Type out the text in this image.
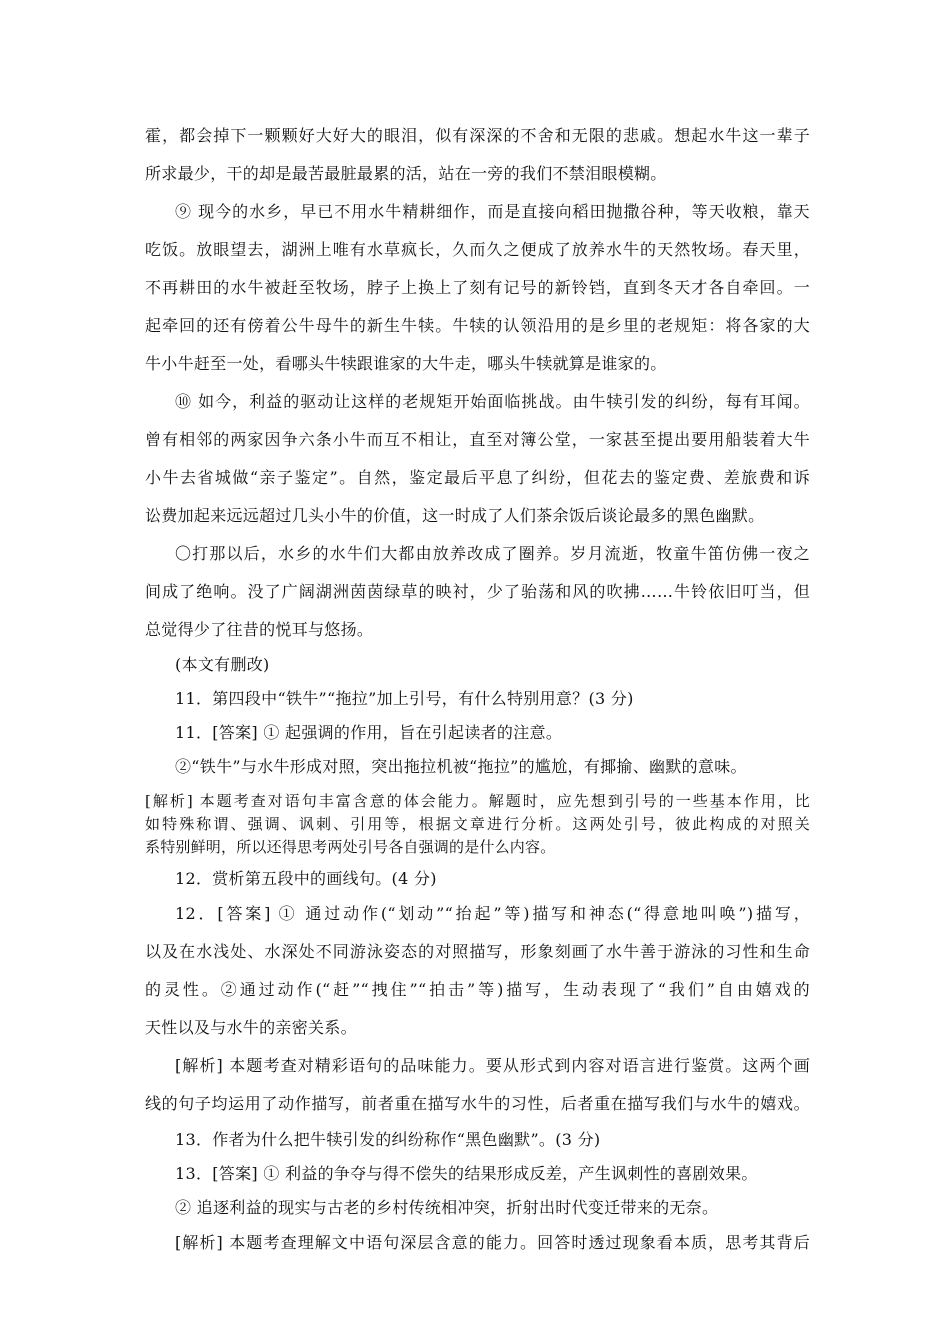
霍，都会掉下一颗颗好大好大的眼泪，似有深深的不舍和无限的悲戚。想起水牛这一辈子
所求最少，干的却是最苦最脏最累的活，站在一旁的我们不禁泪眼模糊。
⑨ 现今的水乡，早已不用水牛精耕细作，而是直接向稻田抛撒谷种，等天收粮，靠天
吃饭。放眼望去，湖洲上唯有水草疯长，久而久之便成了放养水牛的天然牧场。春天里，
不再耕田的水牛被赶至牧场，脖子上换上了刻有记号的新铃铛，直到冬天才各自牵回。一
起牵回的还有傍着公牛母牛的新生牛犊。牛犊的认领沿用的是乡里的老规矩：将各家的大
牛小牛赶至一处，看哪头牛犊跟谁家的大牛走，哪头牛犊就算是谁家的。
⑩ 如今，利益的驱动让这样的老规矩开始面临挑战。由牛犊引发的纠纷，每有耳闻。
曾有相邻的两家因争六条小牛而互不相让，直至对簿公堂，一家甚至提出要用船装着大牛
小牛去省城做“亲子鉴定”。自然，鉴定最后平息了纠纷，但花去的鉴定费、差旅费和诉
讼费加起来远远超过几头小牛的价值，这一时成了人们茶余饭后谈论最多的黑色幽默。
〇打那以后，水乡的水牛们大都由放养改成了圈养。岁月流逝，牧童牛笛仿佛一夜之
间成了绝响。没了广阔湖洲茵茵绿草的映衬，少了骀荡和风的吹拂……牛铃依旧叮当，但
总觉得少了往昔的悦耳与悠扬。
(本文有删改)
11．第四段中“铁牛”“拖拉”加上引号，有什么特别用意？(3 分)
11．[答案] ① 起强调的作用，旨在引起读者的注意。
②“铁牛”与水牛形成对照，突出拖拉机被“拖拉”的尴尬，有揶揄、幽默的意味。
[解析] 本题考查对语句丰富含意的体会能力。解题时，应先想到引号的一些基本作用，比
如特殊称谓、强调、讽刺、引用等，根据文章进行分析。这两处引号，彼此构成的对照关
系特别鲜明，所以还得思考两处引号各自强调的是什么内容。
12．赏析第五段中的画线句。(4 分)
12．[答案] ① 通过动作(“划动”“抬起”等)描写和神态(“得意地叫唤”)描写，
以及在水浅处、水深处不同游泳姿态的对照描写，形象刻画了水牛善于游泳的习性和生命
的灵性。②通过动作(“赶”“拽住”“拍击”等)描写，生动表现了“我们”自由嬉戏的
天性以及与水牛的亲密关系。
[解析] 本题考查对精彩语句的品味能力。要从形式到内容对语言进行鉴赏。这两个画
线的句子均运用了动作描写，前者重在描写水牛的习性，后者重在描写我们与水牛的嬉戏。
13．作者为什么把牛犊引发的纠纷称作“黑色幽默”。(3 分)
13．[答案] ① 利益的争夺与得不偿失的结果形成反差，产生讽刺性的喜剧效果。
② 追逐利益的现实与古老的乡村传统相冲突，折射出时代变迁带来的无奈。
[解析] 本题考查理解文中语句深层含意的能力。回答时透过现象看本质，思考其背后
